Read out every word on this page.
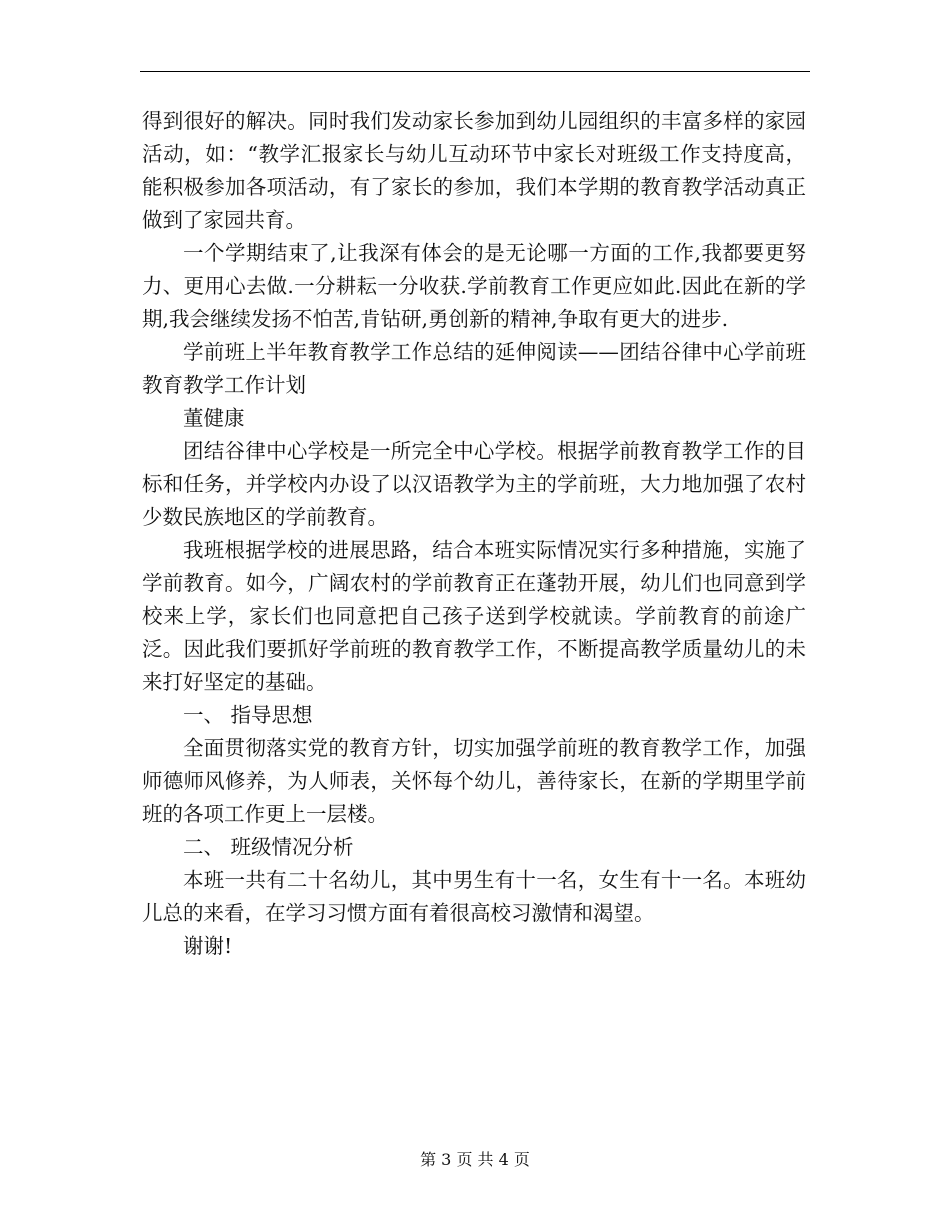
得到很好的解决。同时我们发动家长参加到幼儿园组织的丰富多样的家园活动，如：“教学汇报家长与幼儿互动环节中家长对班级工作支持度高，能积极参加各项活动，有了家长的参加，我们本学期的教育教学活动真正做到了家园共育。

一个学期结束了,让我深有体会的是无论哪一方面的工作,我都要更努力、更用心去做.一分耕耘一分收获.学前教育工作更应如此.因此在新的学期,我会继续发扬不怕苦,肯钻研,勇创新的精神,争取有更大的进步.

学前班上半年教育教学工作总结的延伸阅读——团结谷律中心学前班教育教学工作计划

董健康

团结谷律中心学校是一所完全中心学校。根据学前教育教学工作的目标和任务，并学校内办设了以汉语教学为主的学前班，大力地加强了农村少数民族地区的学前教育。

我班根据学校的进展思路，结合本班实际情况实行多种措施，实施了学前教育。如今，广阔农村的学前教育正在蓬勃开展，幼儿们也同意到学校来上学，家长们也同意把自己孩子送到学校就读。学前教育的前途广泛。因此我们要抓好学前班的教育教学工作，不断提高教学质量幼儿的未来打好坚定的基础。

一、 指导思想

全面贯彻落实党的教育方针，切实加强学前班的教育教学工作，加强师德师风修养，为人师表，关怀每个幼儿，善待家长，在新的学期里学前班的各项工作更上一层楼。

二、 班级情况分析

本班一共有二十名幼儿，其中男生有十一名，女生有十一名。本班幼儿总的来看，在学习习惯方面有着很高校习激情和渴望。

谢谢!

第 3 页 共 4 页
